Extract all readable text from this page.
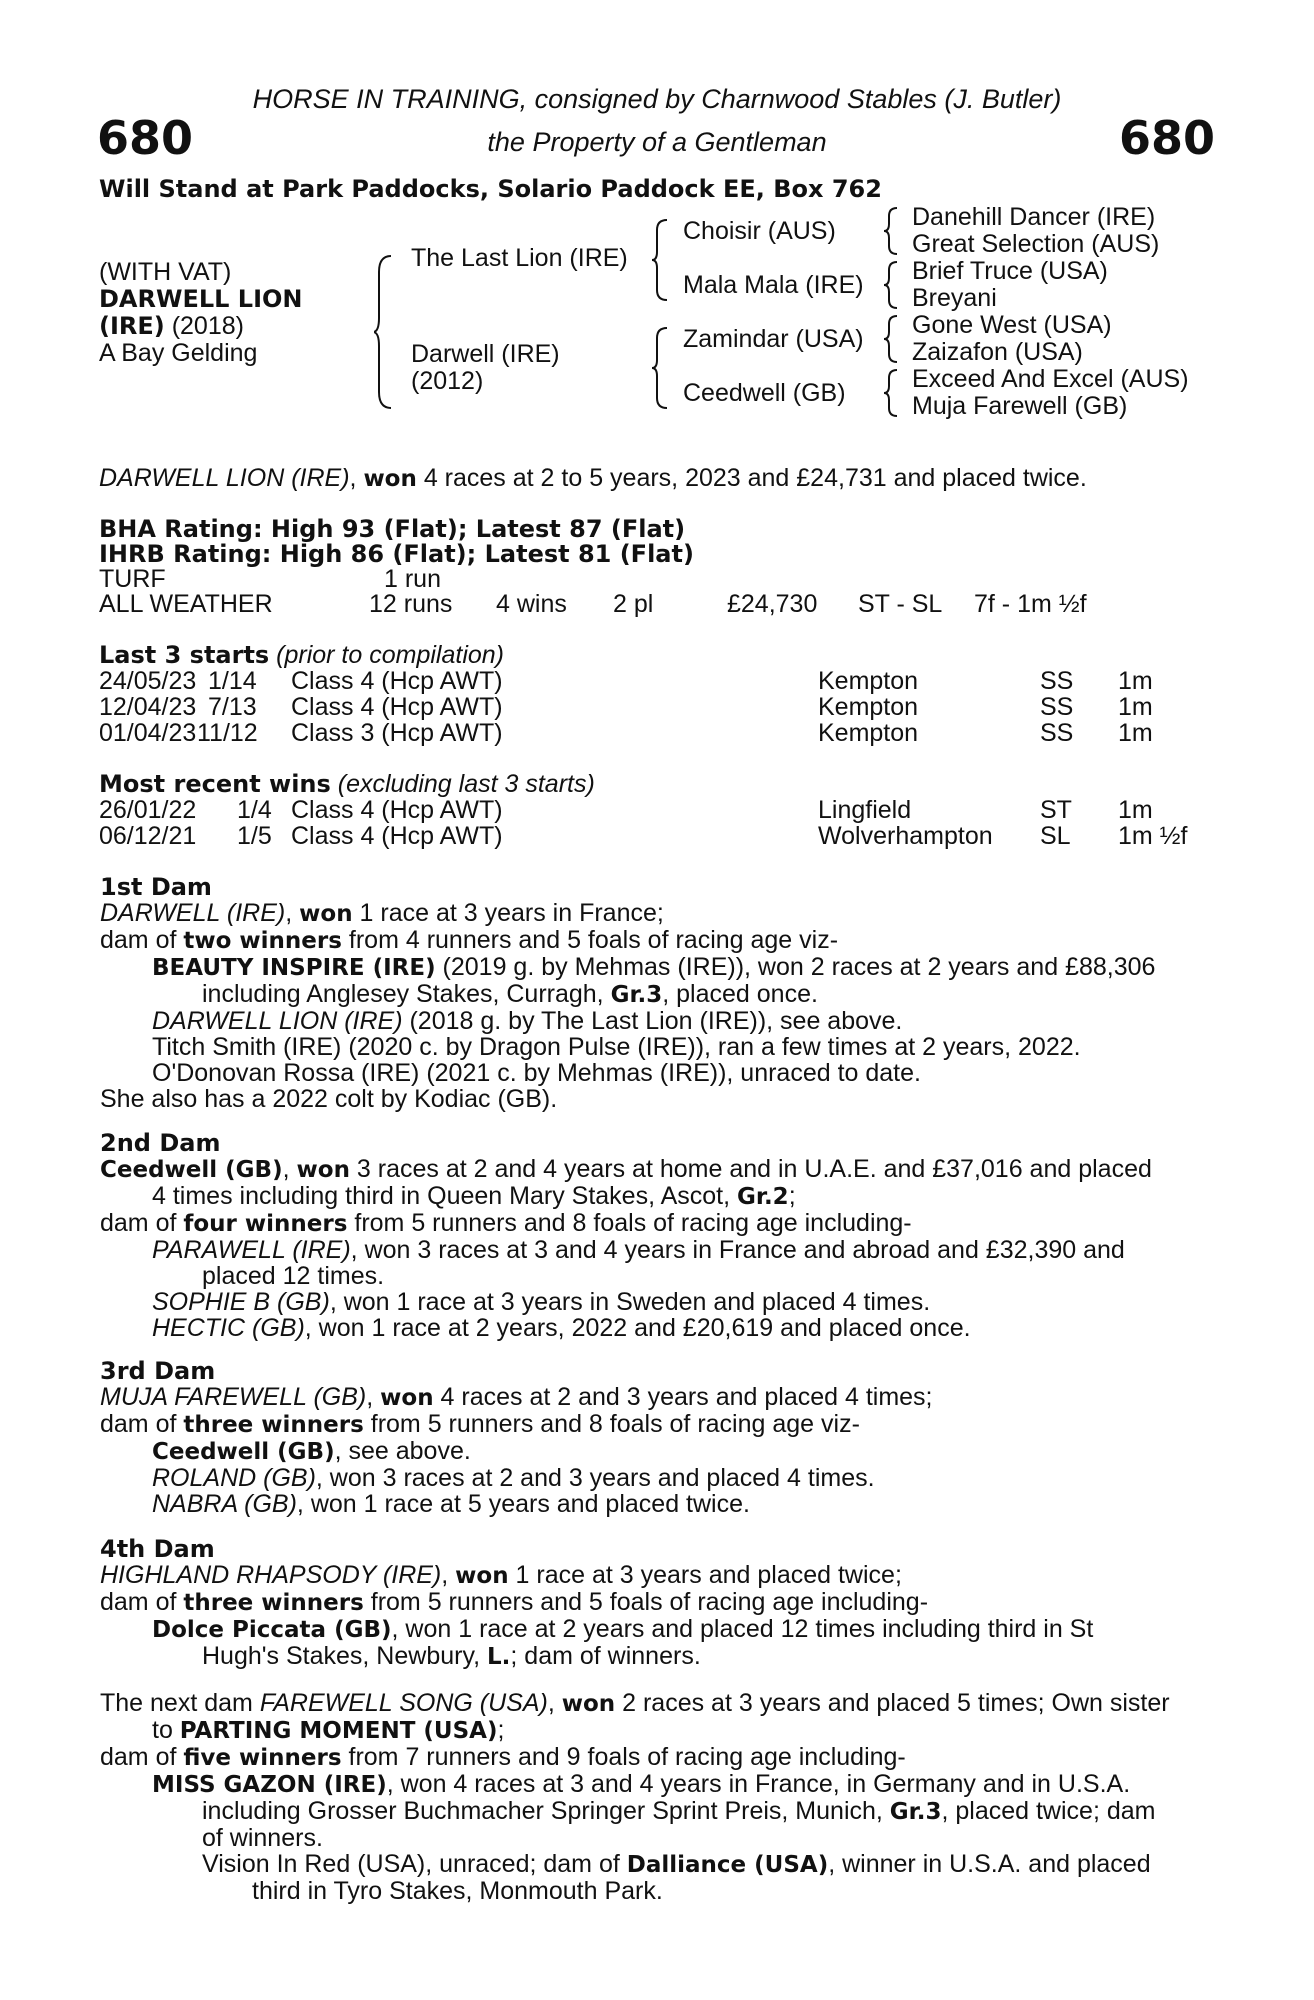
680	680
HORSE IN TRAINING, consigned by Charnwood Stables (J. Butler)
the Property of a Gentleman
Will Stand at Park Paddocks, Solario Paddock EE, Box 762
(WITH VAT)
DARWELL LION
(IRE) (2018)
A Bay Gelding
The Last Lion (IRE)
Darwell (IRE)
(2012)
Choisir (AUS)
Mala Mala (IRE)
Zamindar (USA)
Ceedwell (GB)
Danehill Dancer (IRE)
Great Selection (AUS)
Brief Truce (USA)
Breyani
Gone West (USA)
Zaizafon (USA)
Exceed And Excel (AUS)
Muja Farewell (GB)
DARWELL LION (IRE), won 4 races at 2 to 5 years, 2023 and £24,731 and placed twice.
BHA Rating: High 93 (Flat); Latest 87 (Flat)
IHRB Rating: High 86 (Flat); Latest 81 (Flat)
TURF	1 run
ALL WEATHER	12 runs 4 wins 2 pl	£24,730 ST - SL 7f - 1m ½f
Last 3 starts (prior to compilation)
24/05/23 1/14 Class 4 (Hcp AWT)	Kempton	SS 1m
12/04/23 7/13 Class 4 (Hcp AWT)	Kempton	SS 1m
01/04/23 11/12 Class 3 (Hcp AWT)	Kempton	SS 1m
Most recent wins (excluding last 3 starts)
26/01/22 1/4 Class 4 (Hcp AWT)	Lingfield	ST 1m
06/12/21 1/5 Class 4 (Hcp AWT)	Wolverhampton SL 1m ½f
1st Dam
DARWELL (IRE), won 1 race at 3 years in France;
dam of two winners from 4 runners and 5 foals of racing age viz-
BEAUTY INSPIRE (IRE) (2019 g. by Mehmas (IRE)), won 2 races at 2 years and £88,306
including Anglesey Stakes, Curragh, Gr.3, placed once.
DARWELL LION (IRE) (2018 g. by The Last Lion (IRE)), see above.
Titch Smith (IRE) (2020 c. by Dragon Pulse (IRE)), ran a few times at 2 years, 2022.
O'Donovan Rossa (IRE) (2021 c. by Mehmas (IRE)), unraced to date.
She also has a 2022 colt by Kodiac (GB).
2nd Dam
Ceedwell (GB), won 3 races at 2 and 4 years at home and in U.A.E. and £37,016 and placed
4 times including third in Queen Mary Stakes, Ascot, Gr.2;
dam of four winners from 5 runners and 8 foals of racing age including-
PARAWELL (IRE), won 3 races at 3 and 4 years in France and abroad and £32,390 and
placed 12 times.
SOPHIE B (GB), won 1 race at 3 years in Sweden and placed 4 times.
HECTIC (GB), won 1 race at 2 years, 2022 and £20,619 and placed once.
3rd Dam
MUJA FAREWELL (GB), won 4 races at 2 and 3 years and placed 4 times;
dam of three winners from 5 runners and 8 foals of racing age viz-
Ceedwell (GB), see above.
ROLAND (GB), won 3 races at 2 and 3 years and placed 4 times.
NABRA (GB), won 1 race at 5 years and placed twice.
4th Dam
HIGHLAND RHAPSODY (IRE), won 1 race at 3 years and placed twice;
dam of three winners from 5 runners and 5 foals of racing age including-
Dolce Piccata (GB), won 1 race at 2 years and placed 12 times including third in St
Hugh's Stakes, Newbury, L.; dam of winners.
The next dam FAREWELL SONG (USA), won 2 races at 3 years and placed 5 times; Own sister
to PARTING MOMENT (USA);
dam of five winners from 7 runners and 9 foals of racing age including-
MISS GAZON (IRE), won 4 races at 3 and 4 years in France, in Germany and in U.S.A.
including Grosser Buchmacher Springer Sprint Preis, Munich, Gr.3, placed twice; dam
of winners.
Vision In Red (USA), unraced; dam of Dalliance (USA), winner in U.S.A. and placed
third in Tyro Stakes, Monmouth Park.
